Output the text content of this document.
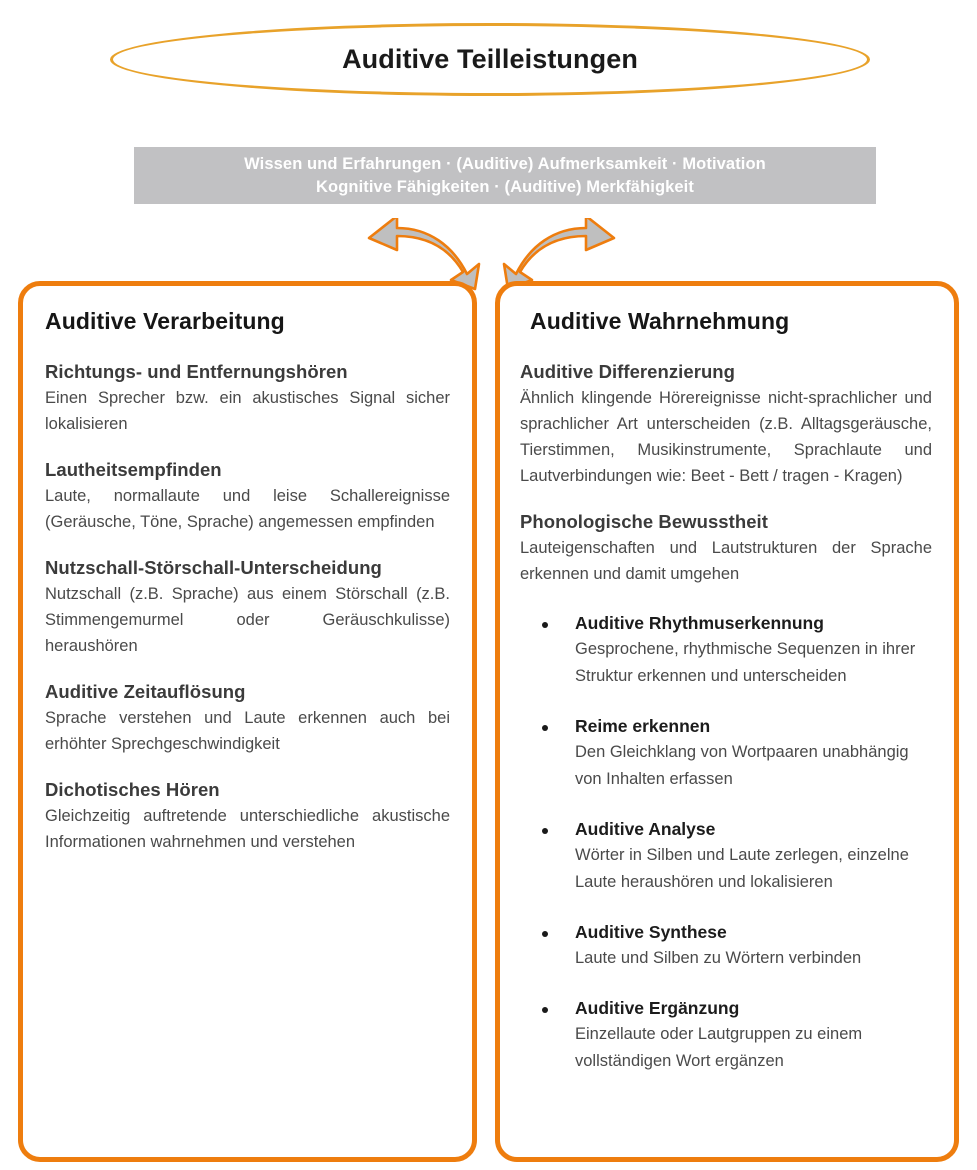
Auditive Teilleistungen
Wissen und Erfahrungen · (Auditive) Aufmerksamkeit · Motivation
Kognitive Fähigkeiten · (Auditive) Merkfähigkeit
Auditive Verarbeitung
Richtungs- und Entfernungshören

Einen Sprecher bzw. ein akustisches Signal sicher lokalisieren

Lautheitsempfinden

Laute, normallaute und leise Schallereignisse (Geräusche, Töne, Sprache) angemessen empfinden

Nutzschall-Störschall-Unterscheidung

Nutzschall (z.B. Sprache) aus einem Störschall (z.B. Stimmengemurmel oder Geräuschkulisse) heraushören

Auditive Zeitauflösung

Sprache verstehen und Laute erkennen auch bei erhöhter Sprechgeschwindigkeit

Dichotisches Hören

Gleichzeitig auftretende unterschiedliche akustische Informationen wahrnehmen und verstehen

Auditive Wahrnehmung
Auditive Differenzierung

Ähnlich klingende Hörereignisse nicht-sprachlicher und sprachlicher Art unterscheiden (z.B. Alltagsgeräusche, Tierstimmen, Musikinstrumente, Sprachlaute und Lautverbindungen wie: Beet - Bett / tragen - Kragen)

Phonologische Bewusstheit

Lauteigenschaften und Lautstrukturen der Sprache erkennen und damit umgehen

Auditive Rhythmuserkennung
Gesprochene, rhythmische Sequenzen in ihrer Struktur erkennen und unterscheiden
Reime erkennen
Den Gleichklang von Wortpaaren unabhängig von Inhalten erfassen
Auditive Analyse
Wörter in Silben und Laute zerlegen, einzelne Laute heraushören und lokalisieren
Auditive Synthese
Laute und Silben zu Wörtern verbinden
Auditive Ergänzung
Einzellaute oder Lautgruppen zu einem vollständigen Wort ergänzen
